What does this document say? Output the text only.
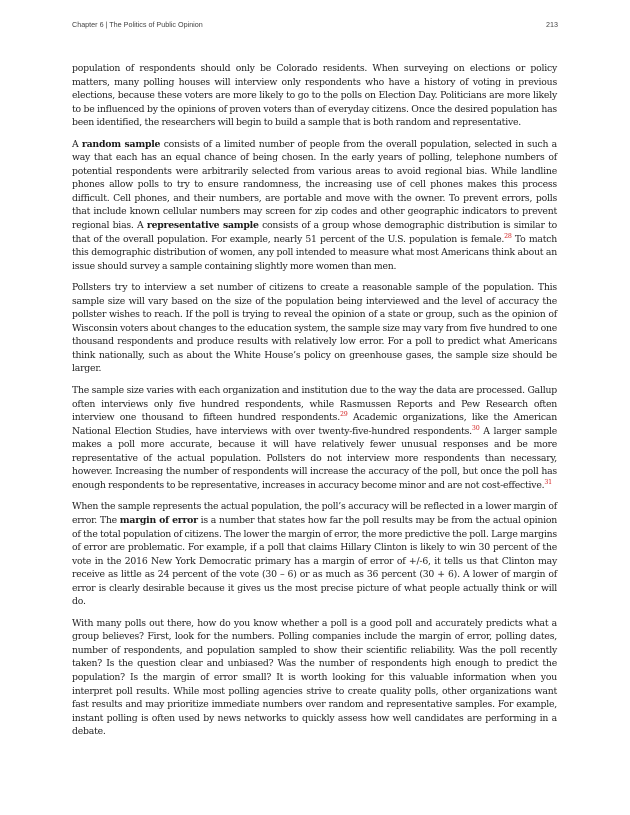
Chapter 6 | The Politics of Public Opinion	213

population of respondents should only be Colorado residents. When surveying on elections or policy matters, many polling houses will interview only respondents who have a history of voting in previous elections, because these voters are more likely to go to the polls on Election Day. Politicians are more likely to be influenced by the opinions of proven voters than of everyday citizens. Once the desired population has been identified, the researchers will begin to build a sample that is both random and representative.

A random sample consists of a limited number of people from the overall population, selected in such a way that each has an equal chance of being chosen. In the early years of polling, telephone numbers of potential respondents were arbitrarily selected from various areas to avoid regional bias. While landline phones allow polls to try to ensure randomness, the increasing use of cell phones makes this process difficult. Cell phones, and their numbers, are portable and move with the owner. To prevent errors, polls that include known cellular numbers may screen for zip codes and other geographic indicators to prevent regional bias. A representative sample consists of a group whose demographic distribution is similar to that of the overall population. For example, nearly 51 percent of the U.S. population is female.$^{28}$ To match this demographic distribution of women, any poll intended to measure what most Americans think about an issue should survey a sample containing slightly more women than men.

Pollsters try to interview a set number of citizens to create a reasonable sample of the population. This sample size will vary based on the size of the population being interviewed and the level of accuracy the pollster wishes to reach. If the poll is trying to reveal the opinion of a state or group, such as the opinion of Wisconsin voters about changes to the education system, the sample size may vary from five hundred to one thousand respondents and produce results with relatively low error. For a poll to predict what Americans think nationally, such as about the White House’s policy on greenhouse gases, the sample size should be larger.

The sample size varies with each organization and institution due to the way the data are processed. Gallup often interviews only five hundred respondents, while Rasmussen Reports and Pew Research often interview one thousand to fifteen hundred respondents.$^{29}$ Academic organizations, like the American National Election Studies, have interviews with over twenty-five-hundred respondents.$^{30}$ A larger sample makes a poll more accurate, because it will have relatively fewer unusual responses and be more representative of the actual population. Pollsters do not interview more respondents than necessary, however. Increasing the number of respondents will increase the accuracy of the poll, but once the poll has enough respondents to be representative, increases in accuracy become minor and are not cost-effective.$^{31}$

When the sample represents the actual population, the poll’s accuracy will be reflected in a lower margin of error. The margin of error is a number that states how far the poll results may be from the actual opinion of the total population of citizens. The lower the margin of error, the more predictive the poll. Large margins of error are problematic. For example, if a poll that claims Hillary Clinton is likely to win 30 percent of the vote in the 2016 New York Democratic primary has a margin of error of +/-6, it tells us that Clinton may receive as little as 24 percent of the vote (30 – 6) or as much as 36 percent (30 + 6). A lower of margin of error is clearly desirable because it gives us the most precise picture of what people actually think or will do.

With many polls out there, how do you know whether a poll is a good poll and accurately predicts what a group believes? First, look for the numbers. Polling companies include the margin of error, polling dates, number of respondents, and population sampled to show their scientific reliability. Was the poll recently taken? Is the question clear and unbiased? Was the number of respondents high enough to predict the population? Is the margin of error small? It is worth looking for this valuable information when you interpret poll results. While most polling agencies strive to create quality polls, other organizations want fast results and may prioritize immediate numbers over random and representative samples. For example, instant polling is often used by news networks to quickly assess how well candidates are performing in a debate.
